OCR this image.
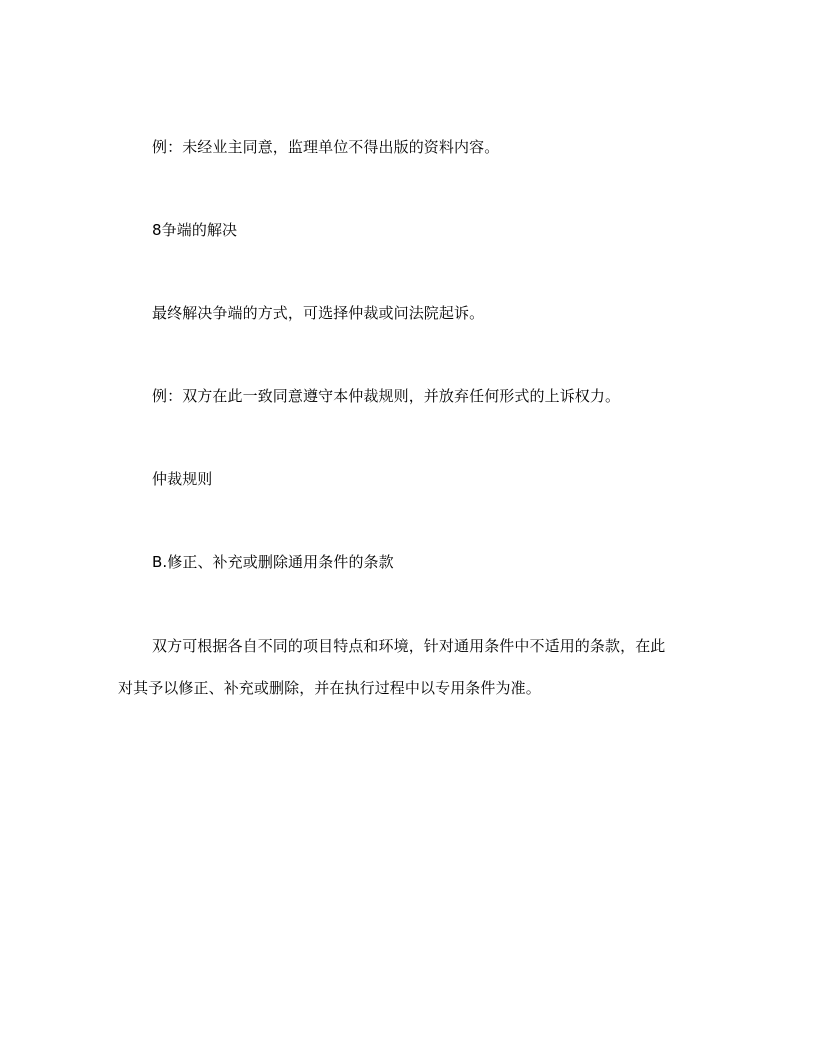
例：未经业主同意，监理单位不得出版的资料内容。

8争端的解决

最终解决争端的方式，可选择仲裁或问法院起诉。

例：双方在此一致同意遵守本仲裁规则，并放弃任何形式的上诉权力。

仲裁规则

B.修正、补充或删除通用条件的条款

双方可根据各自不同的项目特点和环境，针对通用条件中不适用的条款，在此

对其予以修正、补充或删除，并在执行过程中以专用条件为准。
